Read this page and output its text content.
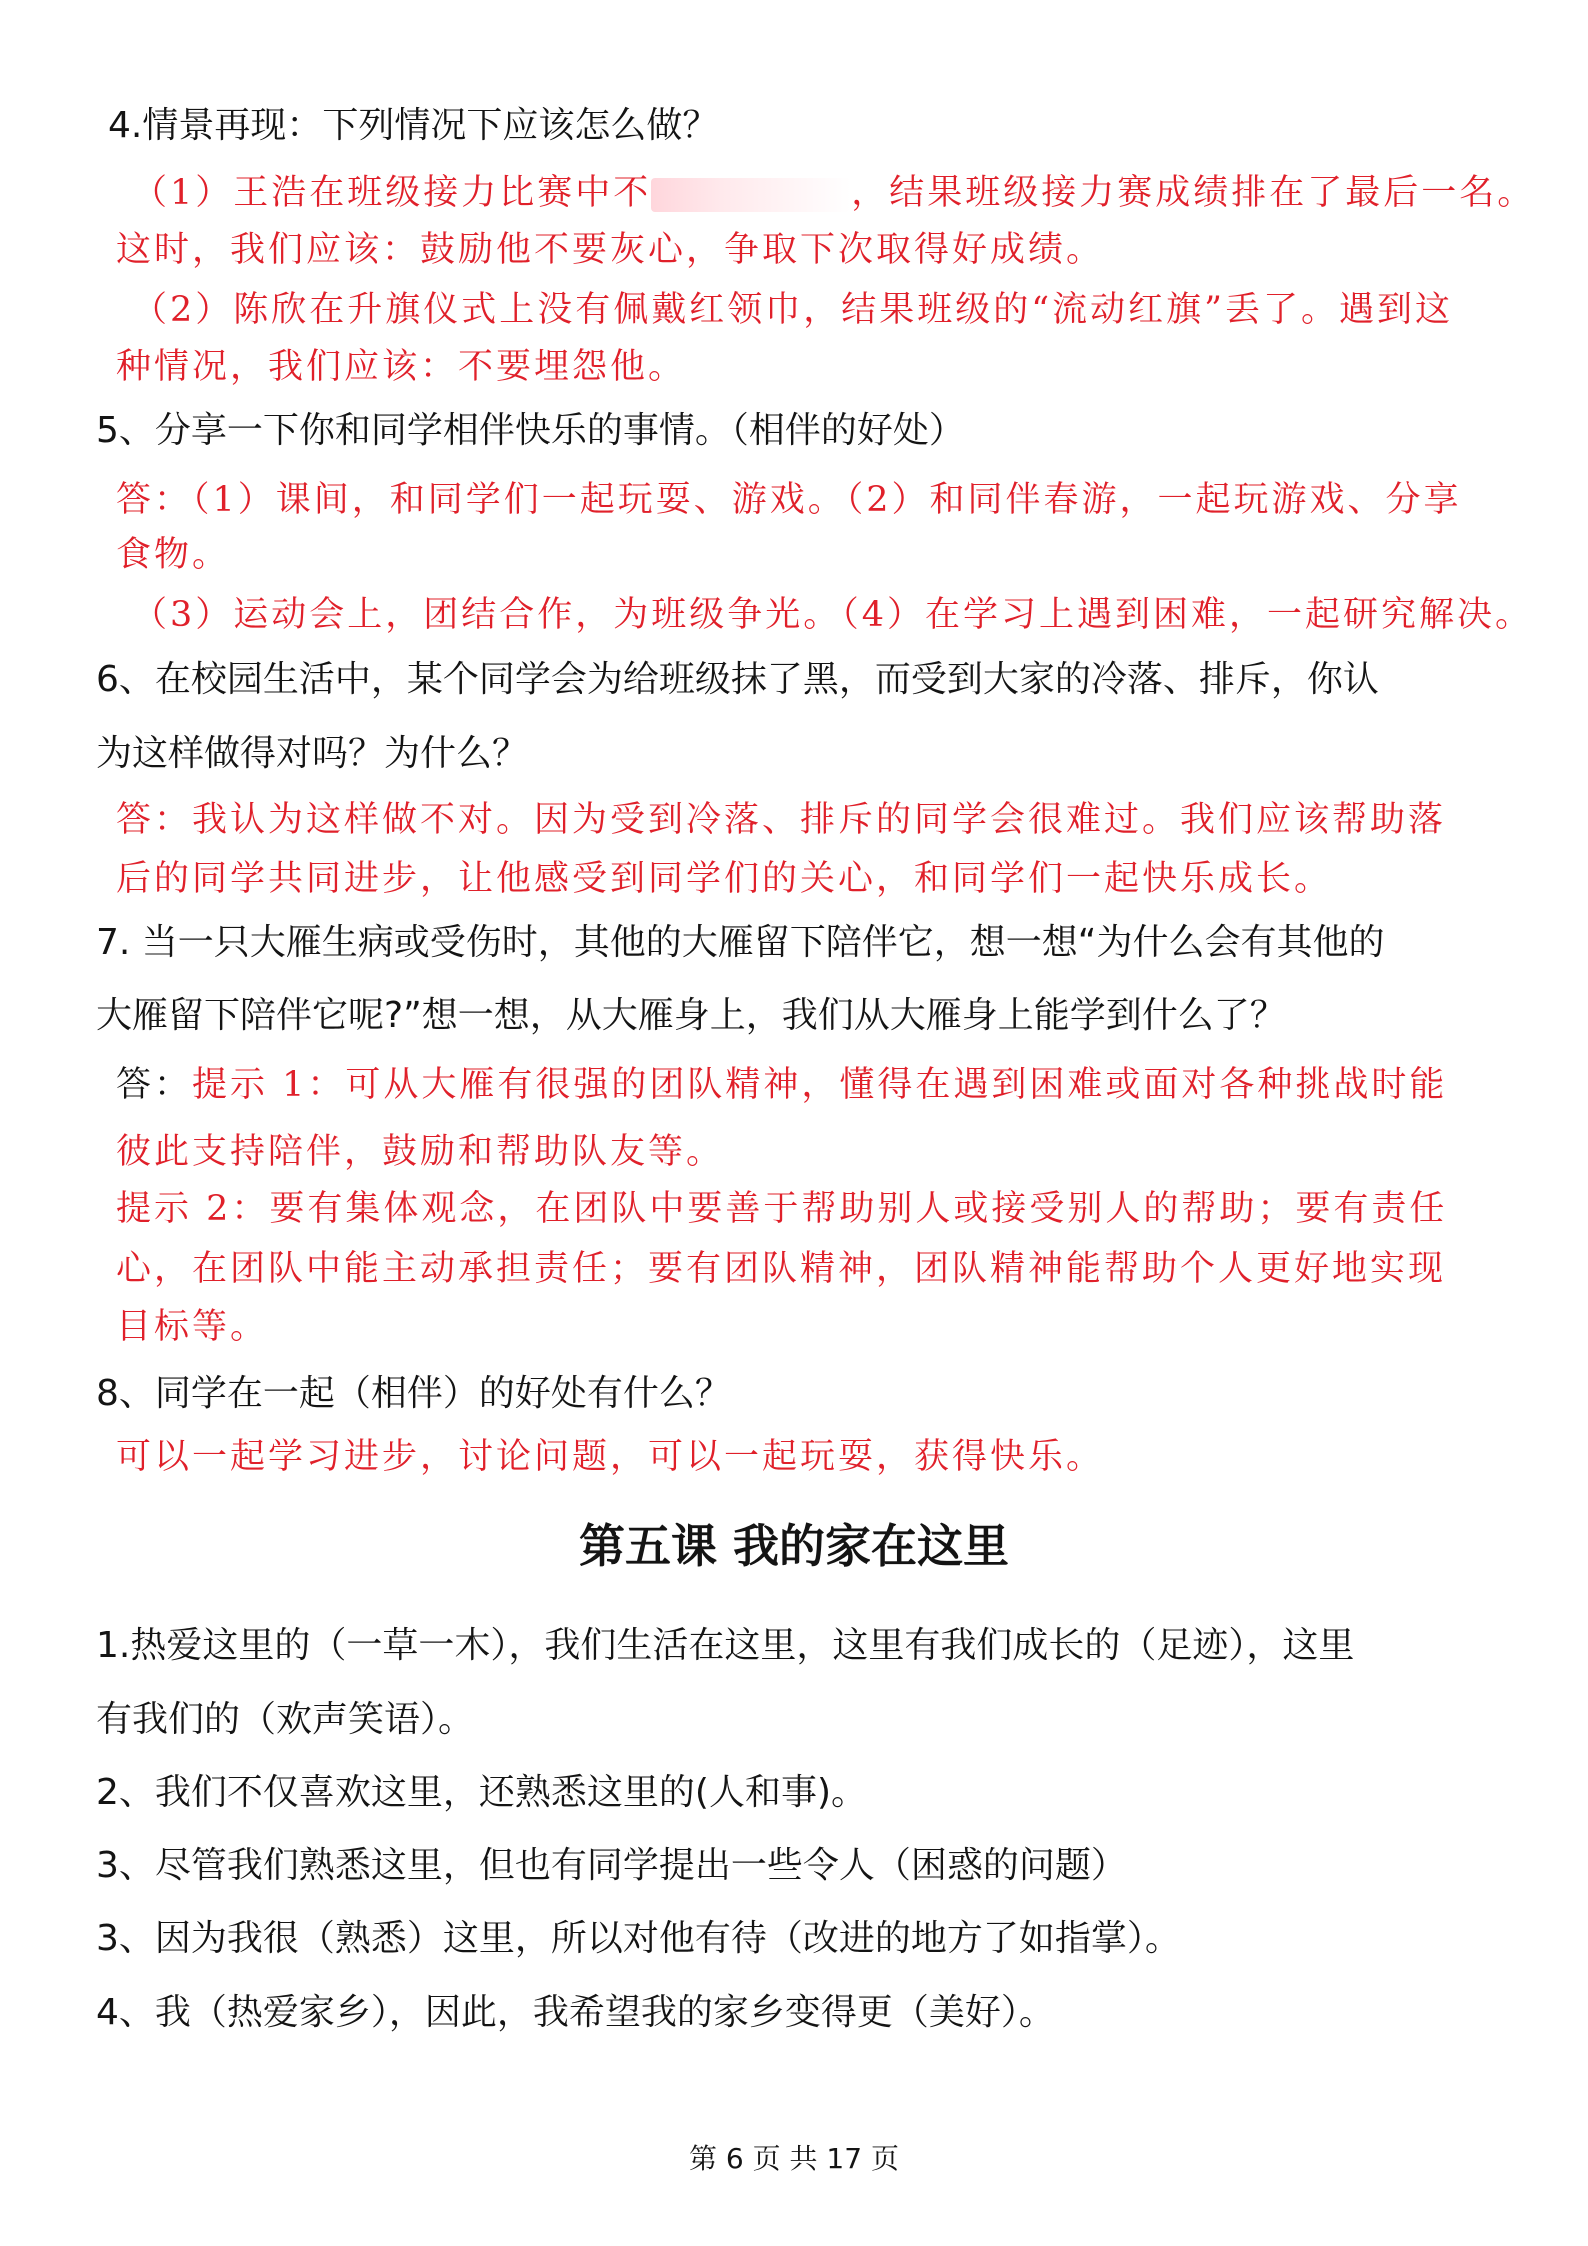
4.情景再现：下列情况下应该怎么做？
（1）王浩在班级接力比赛中不	，结果班级接力赛成绩排在了最后一名。
这时，我们应该：鼓励他不要灰心，争取下次取得好成绩。
（2）陈欣在升旗仪式上没有佩戴红领巾，结果班级的“流动红旗”丢了。遇到这
种情况，我们应该：不要埋怨他。
5、分享一下你和同学相伴快乐的事情。（相伴的好处）
答：（1）课间，和同学们一起玩耍、游戏。（2）和同伴春游，一起玩游戏、分享
食物。
（3）运动会上，团结合作，为班级争光。（4）在学习上遇到困难，一起研究解决。
6、在校园生活中，某个同学会为给班级抹了黑，而受到大家的冷落、排斥，你认
为这样做得对吗？为什么？
答：我认为这样做不对。因为受到冷落、排斥的同学会很难过。我们应该帮助落
后的同学共同进步，让他感受到同学们的关心，和同学们一起快乐成长。
7. 当一只大雁生病或受伤时，其他的大雁留下陪伴它，想一想“为什么会有其他的
大雁留下陪伴它呢?”想一想，从大雁身上，我们从大雁身上能学到什么了？
答：提示 1：可从大雁有很强的团队精神，懂得在遇到困难或面对各种挑战时能
彼此支持陪伴，鼓励和帮助队友等。
提示 2：要有集体观念，在团队中要善于帮助别人或接受别人的帮助；要有责任
心，在团队中能主动承担责任；要有团队精神，团队精神能帮助个人更好地实现
目标等。
8、同学在一起（相伴）的好处有什么？
可以一起学习进步，讨论问题，可以一起玩耍，获得快乐。
第五课 我的家在这里
1.热爱这里的（一草一木），我们生活在这里，这里有我们成长的（足迹），这里
有我们的（欢声笑语）。
2、我们不仅喜欢这里，还熟悉这里的(人和事)。
3、尽管我们熟悉这里，但也有同学提出一些令人（困惑的问题）
3、因为我很（熟悉）这里，所以对他有待（改进的地方了如指掌）。
4、我（热爱家乡），因此，我希望我的家乡变得更（美好）。
第 6 页 共 17 页
